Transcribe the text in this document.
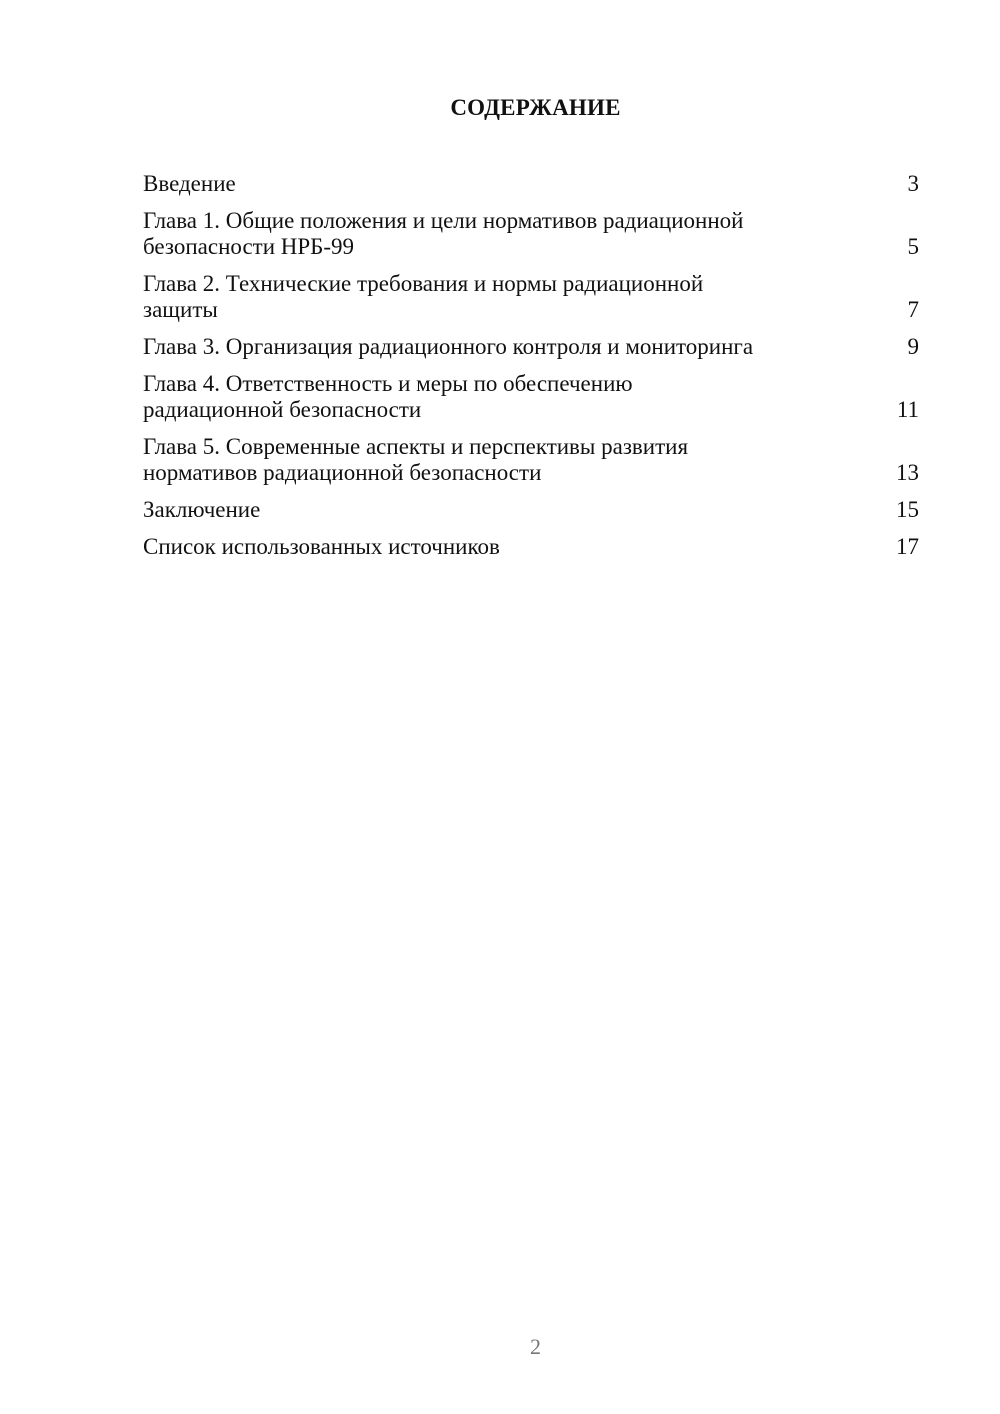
СОДЕРЖАНИЕ
Введение	3
Глава 1. Общие положения и цели нормативов радиационной
безопасности НРБ-99	5
Глава 2. Технические требования и нормы радиационной
защиты	7
Глава 3. Организация радиационного контроля и мониторинга	9
Глава 4. Ответственность и меры по обеспечению
радиационной безопасности	11
Глава 5. Современные аспекты и перспективы развития
нормативов радиационной безопасности	13
Заключение	15
Список использованных источников	17
2
